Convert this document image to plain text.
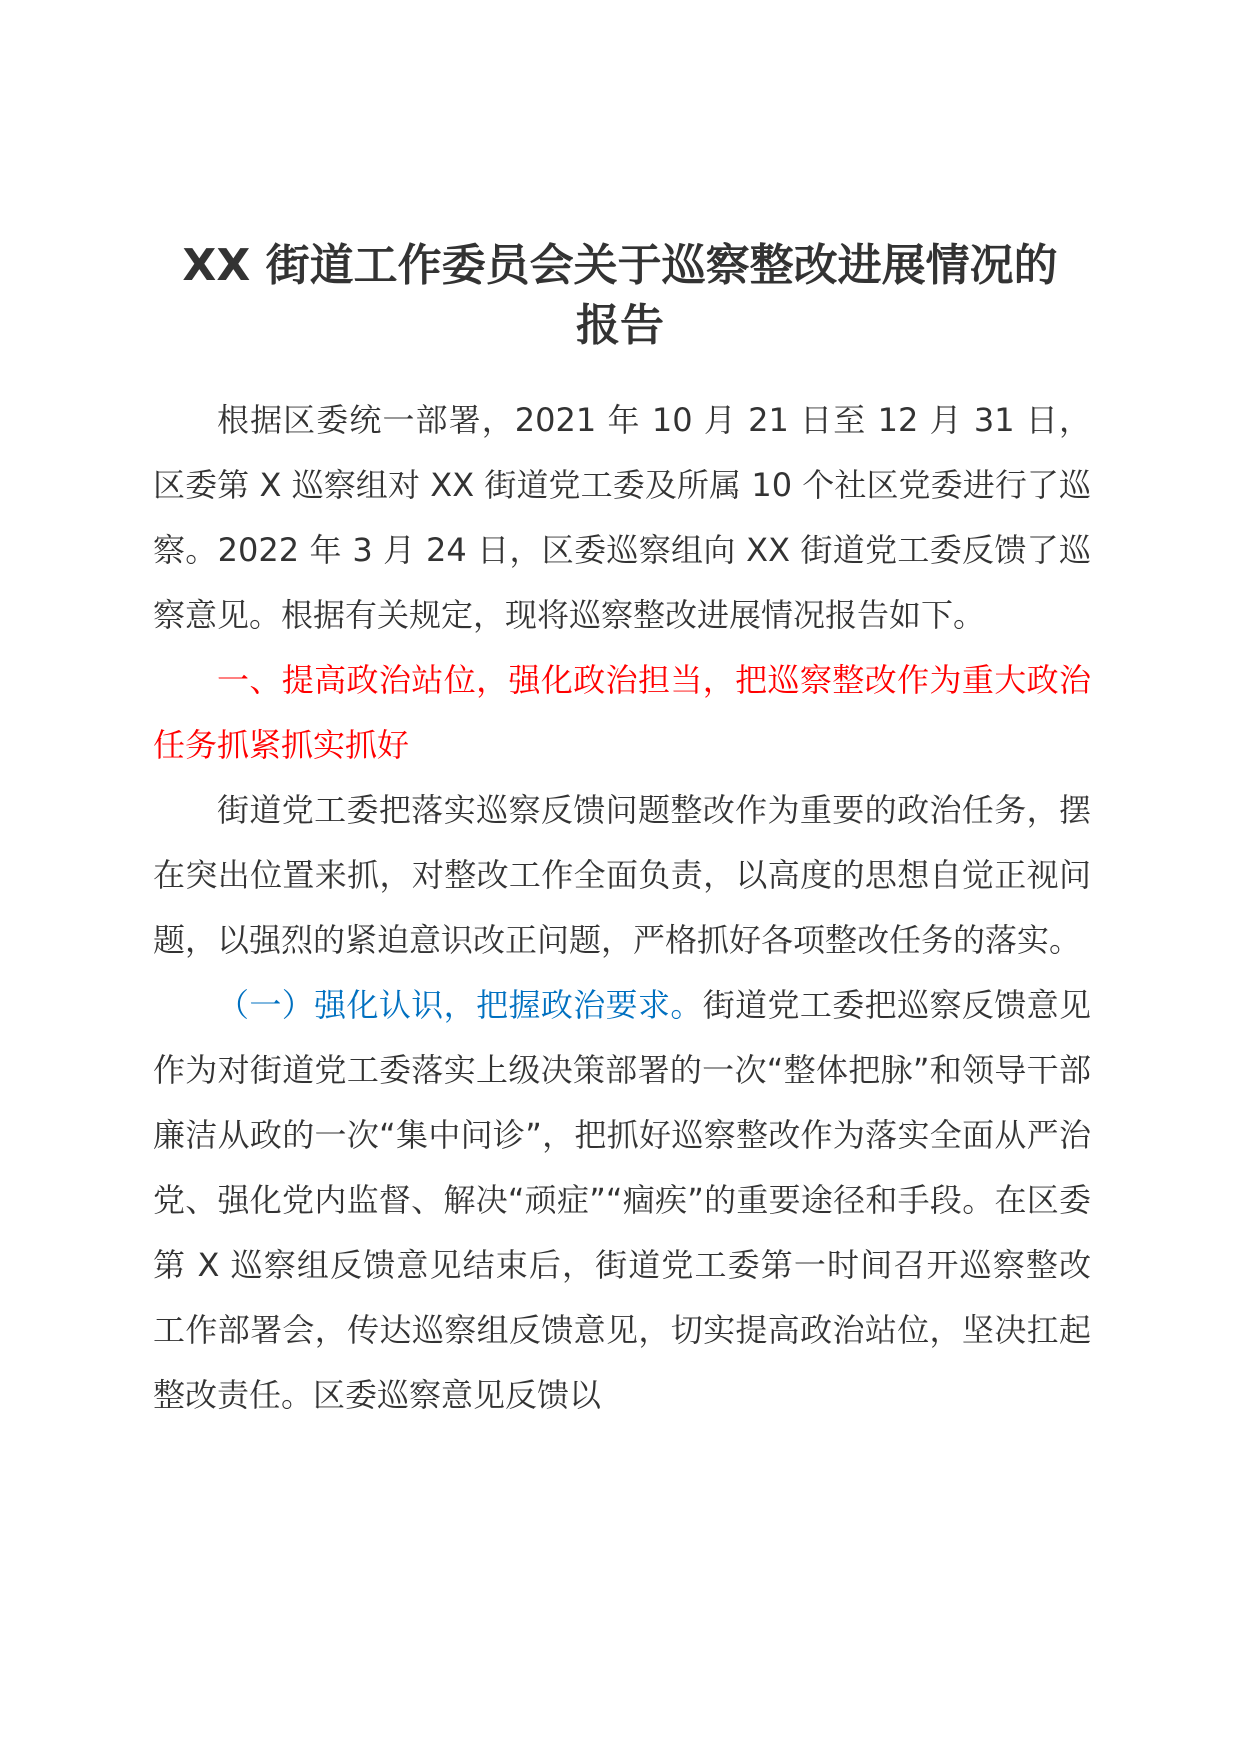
XX 街道工作委员会关于巡察整改进展情况的
报告

根据区委统一部署，2021 年 10 月 21 日至 12 月 31 日，区委第 X 巡察组对 XX 街道党工委及所属 10 个社区党委进行了巡察。2022 年 3 月 24 日，区委巡察组向 XX 街道党工委反馈了巡察意见。根据有关规定，现将巡察整改进展情况报告如下。

一、提高政治站位，强化政治担当，把巡察整改作为重大政治任务抓紧抓实抓好

街道党工委把落实巡察反馈问题整改作为重要的政治任务，摆在突出位置来抓，对整改工作全面负责，以高度的思想自觉正视问题，以强烈的紧迫意识改正问题，严格抓好各项整改任务的落实。

（一）强化认识，把握政治要求。街道党工委把巡察反馈意见作为对街道党工委落实上级决策部署的一次“整体把脉”和领导干部廉洁从政的一次“集中问诊”，把抓好巡察整改作为落实全面从严治党、强化党内监督、解决“顽症”“痼疾”的重要途径和手段。在区委第 X 巡察组反馈意见结束后，街道党工委第一时间召开巡察整改工作部署会，传达巡察组反馈意见，切实提高政治站位，坚决扛起整改责任。区委巡察意见反馈以
